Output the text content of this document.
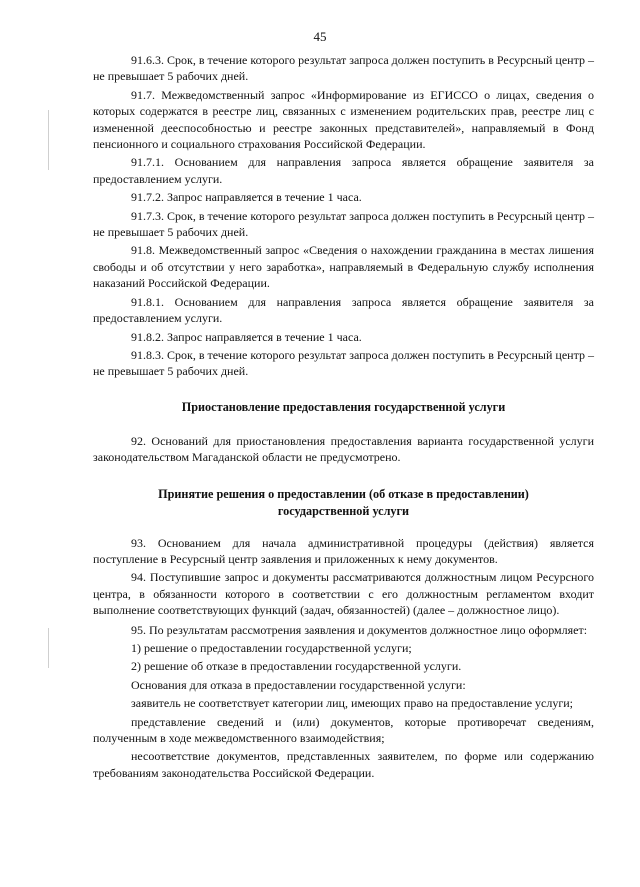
45

91.6.3. Срок, в течение которого результат запроса должен поступить в Ресурсный центр – не превышает 5 рабочих дней.

91.7. Межведомственный запрос «Информирование из ЕГИССО о лицах, сведения о которых содержатся в реестре лиц, связанных с изменением родительских прав, реестре лиц с измененной дееспособностью и реестре законных представителей», направляемый в Фонд пенсионного и социального страхования Российской Федерации.

91.7.1. Основанием для направления запроса является обращение заявителя за предоставлением услуги.

91.7.2. Запрос направляется в течение 1 часа.

91.7.3. Срок, в течение которого результат запроса должен поступить в Ресурсный центр – не превышает 5 рабочих дней.

91.8. Межведомственный запрос «Сведения о нахождении гражданина в местах лишения свободы и об отсутствии у него заработка», направляемый в Федеральную службу исполнения наказаний Российской Федерации.

91.8.1. Основанием для направления запроса является обращение заявителя за предоставлением услуги.

91.8.2. Запрос направляется в течение 1 часа.

91.8.3. Срок, в течение которого результат запроса должен поступить в Ресурсный центр – не превышает 5 рабочих дней.

Приостановление предоставления государственной услуги

92. Оснований для приостановления предоставления варианта государственной услуги законодательством Магаданской области не предусмотрено.

Принятие решения о предоставлении (об отказе в предоставлении)
государственной услуги

93. Основанием для начала административной процедуры (действия) является поступление в Ресурсный центр заявления и приложенных к нему документов.

94. Поступившие запрос и документы рассматриваются должностным лицом Ресурсного центра, в обязанности которого в соответствии с его должностным регламентом входит выполнение соответствующих функций (задач, обязанностей) (далее – должностное лицо).

95. По результатам рассмотрения заявления и документов должностное лицо оформляет:

1) решение о предоставлении государственной услуги;

2) решение об отказе в предоставлении государственной услуги.

Основания для отказа в предоставлении государственной услуги:

заявитель не соответствует категории лиц, имеющих право на предоставление услуги;

представление сведений и (или) документов, которые противоречат сведениям, полученным в ходе межведомственного взаимодействия;

несоответствие документов, представленных заявителем, по форме или содержанию требованиям законодательства Российской Федерации.
